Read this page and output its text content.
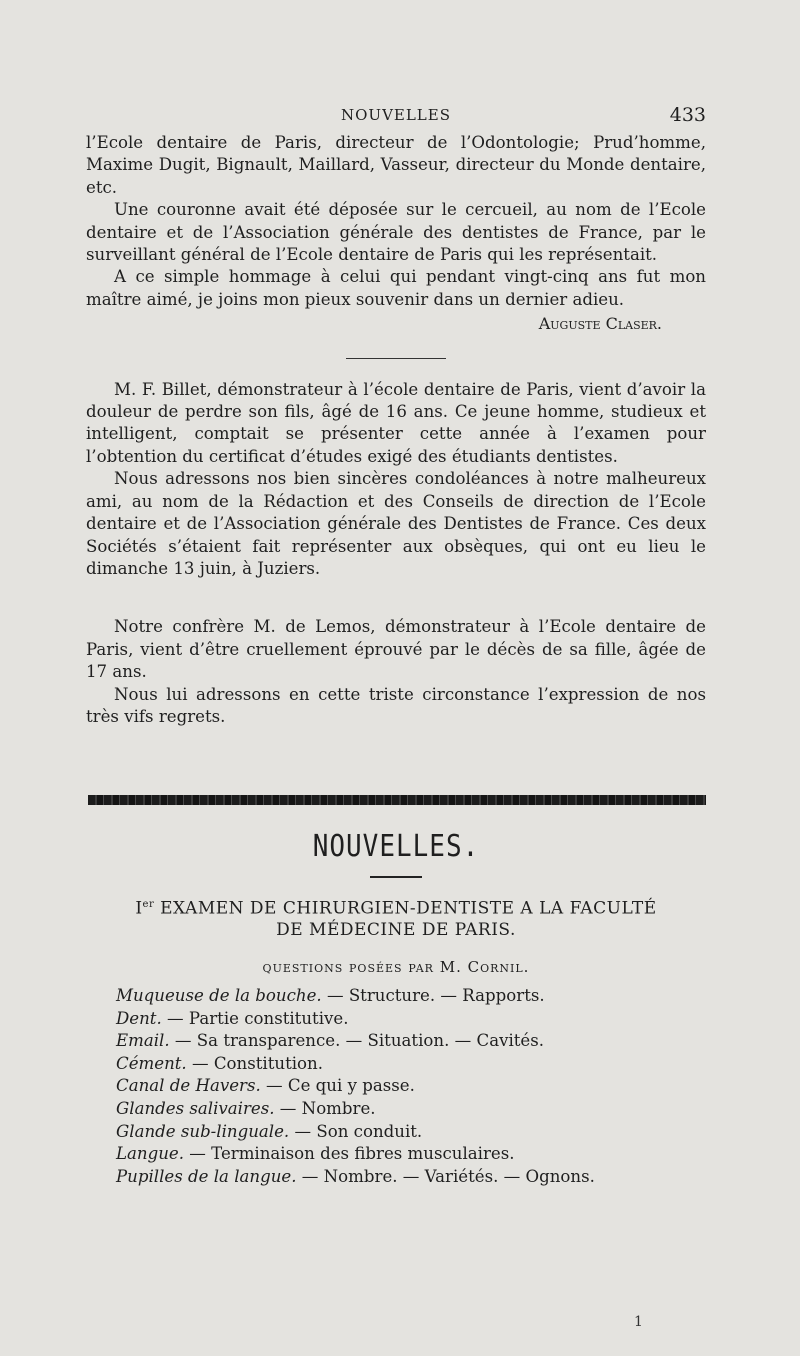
NOUVELLES	433

l’Ecole dentaire de Paris, directeur de l’Odontologie; Prud’homme, Maxime Dugit, Bignault, Maillard, Vasseur, directeur du Monde dentaire, etc.

Une couronne avait été déposée sur le cercueil, au nom de l’Ecole dentaire et de l’Association générale des dentistes de France, par le surveillant général de l’Ecole dentaire de Paris qui les représentait.

A ce simple hommage à celui qui pendant vingt-cinq ans fut mon maître aimé, je joins mon pieux souvenir dans un dernier adieu.

Auguste Claser.

M. F. Billet, démonstrateur à l’école dentaire de Paris, vient d’avoir la douleur de perdre son fils, âgé de 16 ans. Ce jeune homme, studieux et intelligent, comptait se présenter cette année à l’examen pour l’obtention du certificat d’études exigé des étudiants dentistes.

Nous adressons nos bien sincères condoléances à notre malheureux ami, au nom de la Rédaction et des Conseils de direction de l’Ecole dentaire et de l’Association générale des Dentistes de France. Ces deux Sociétés s’étaient fait représenter aux obsèques, qui ont eu lieu le dimanche 13 juin, à Juziers.

Notre confrère M. de Lemos, démonstrateur à l’Ecole dentaire de Paris, vient d’être cruellement éprouvé par le décès de sa fille, âgée de 17 ans.

Nous lui adressons en cette triste circonstance l’expression de nos très vifs regrets.

NOUVELLES.
Ier EXAMEN DE CHIRURGIEN-DENTISTE A LA FACULTÉ
DE MÉDECINE DE PARIS.
questions posées par M. Cornil.
Muqueuse de la bouche. — Structure. — Rapports.
Dent. — Partie constitutive.
Email. — Sa transparence. — Situation. — Cavités.
Cément. — Constitution.
Canal de Havers. — Ce qui y passe.
Glandes salivaires. — Nombre.
Glande sub-linguale. — Son conduit.
Langue. — Terminaison des fibres musculaires.
Pupilles de la langue. — Nombre. — Variétés. — Ognons.
1
